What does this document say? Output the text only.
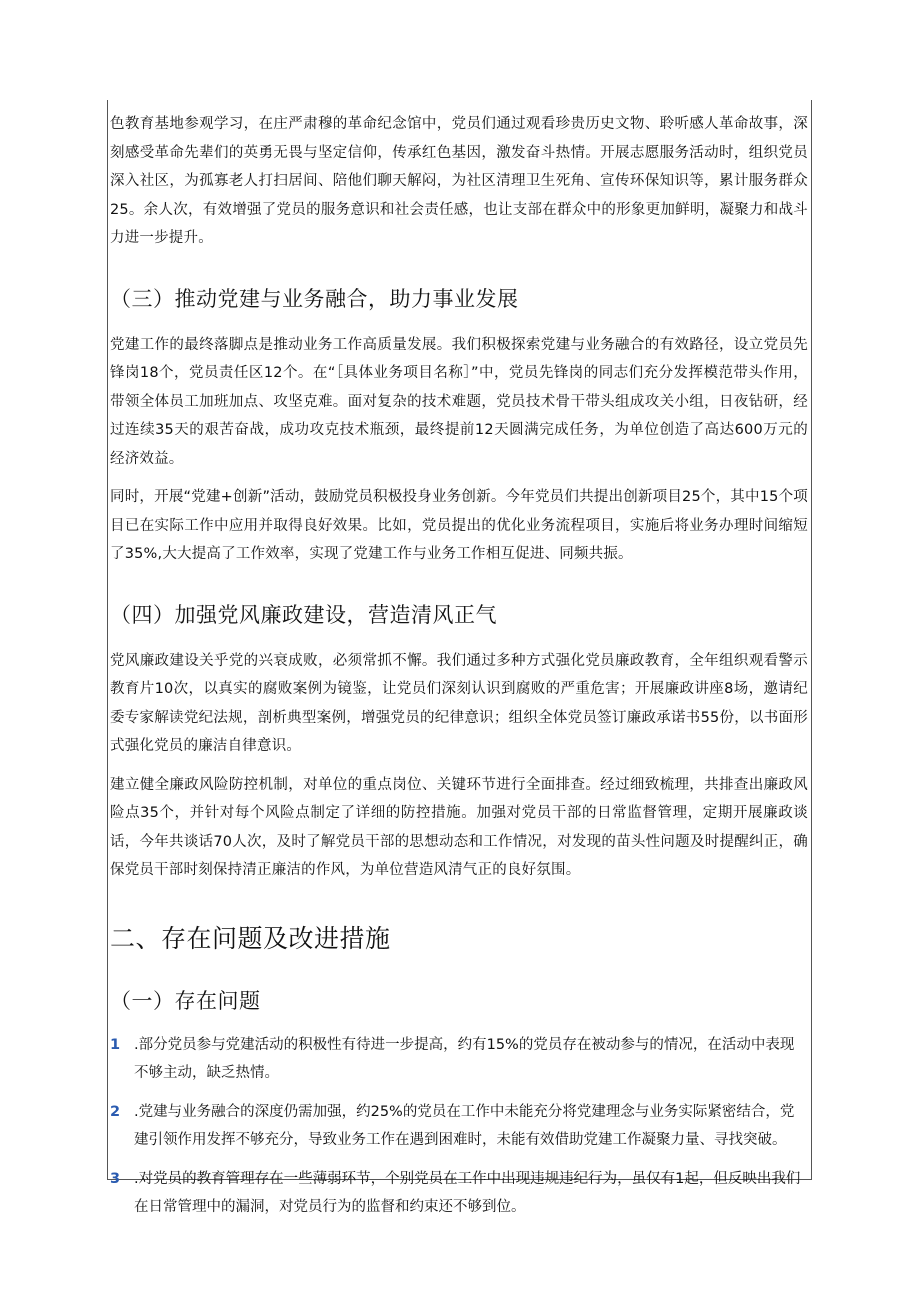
色教育基地参观学习，在庄严肃穆的革命纪念馆中，党员们通过观看珍贵历史文物、聆听感人革命故事，深刻感受革命先辈们的英勇无畏与坚定信仰，传承红色基因，激发奋斗热情。开展志愿服务活动时，组织党员深入社区，为孤寡老人打扫居间、陪他们聊天解闷，为社区清理卫生死角、宣传环保知识等，累计服务群众25。余人次，有效增强了党员的服务意识和社会责任感，也让支部在群众中的形象更加鲜明，凝聚力和战斗力进一步提升。

（三）推动党建与业务融合，助力事业发展

党建工作的最终落脚点是推动业务工作高质量发展。我们积极探索党建与业务融合的有效路径，设立党员先锋岗18个，党员责任区12个。在“［具体业务项目名称］”中，党员先锋岗的同志们充分发挥模范带头作用，带领全体员工加班加点、攻坚克难。面对复杂的技术难题，党员技术骨干带头组成攻关小组，日夜钻研，经过连续35天的艰苦奋战，成功攻克技术瓶颈，最终提前12天圆满完成任务，为单位创造了高达600万元的经济效益。

同时，开展“党建+创新”活动，鼓励党员积极投身业务创新。今年党员们共提出创新项目25个，其中15个项目已在实际工作中应用并取得良好效果。比如，党员提出的优化业务流程项目，实施后将业务办理时间缩短了35%,大大提高了工作效率，实现了党建工作与业务工作相互促进、同频共振。

（四）加强党风廉政建设，营造清风正气

党风廉政建设关乎党的兴衰成败，必须常抓不懈。我们通过多种方式强化党员廉政教育，全年组织观看警示教育片10次，以真实的腐败案例为镜鉴，让党员们深刻认识到腐败的严重危害；开展廉政讲座8场，邀请纪委专家解读党纪法规，剖析典型案例，增强党员的纪律意识；组织全体党员签订廉政承诺书55份，以书面形式强化党员的廉洁自律意识。

建立健全廉政风险防控机制，对单位的重点岗位、关键环节进行全面排查。经过细致梳理，共排查出廉政风险点35个，并针对每个风险点制定了详细的防控措施。加强对党员干部的日常监督管理，定期开展廉政谈话，今年共谈话70人次，及时了解党员干部的思想动态和工作情况，对发现的苗头性问题及时提醒纠正，确保党员干部时刻保持清正廉洁的作风，为单位营造风清气正的良好氛围。

二、存在问题及改进措施
（一）存在问题
1 .部分党员参与党建活动的积极性有待进一步提高，约有15%的党员存在被动参与的情况，在活动中表现不够主动，缺乏热情。
2 .党建与业务融合的深度仍需加强，约25%的党员在工作中未能充分将党建理念与业务实际紧密结合，党建引领作用发挥不够充分，导致业务工作在遇到困难时，未能有效借助党建工作凝聚力量、寻找突破。
3 .对党员的教育管理存在一些薄弱环节，个别党员在工作中出现违规违纪行为，虽仅有1起，但反映出我们在日常管理中的漏洞，对党员行为的监督和约束还不够到位。
